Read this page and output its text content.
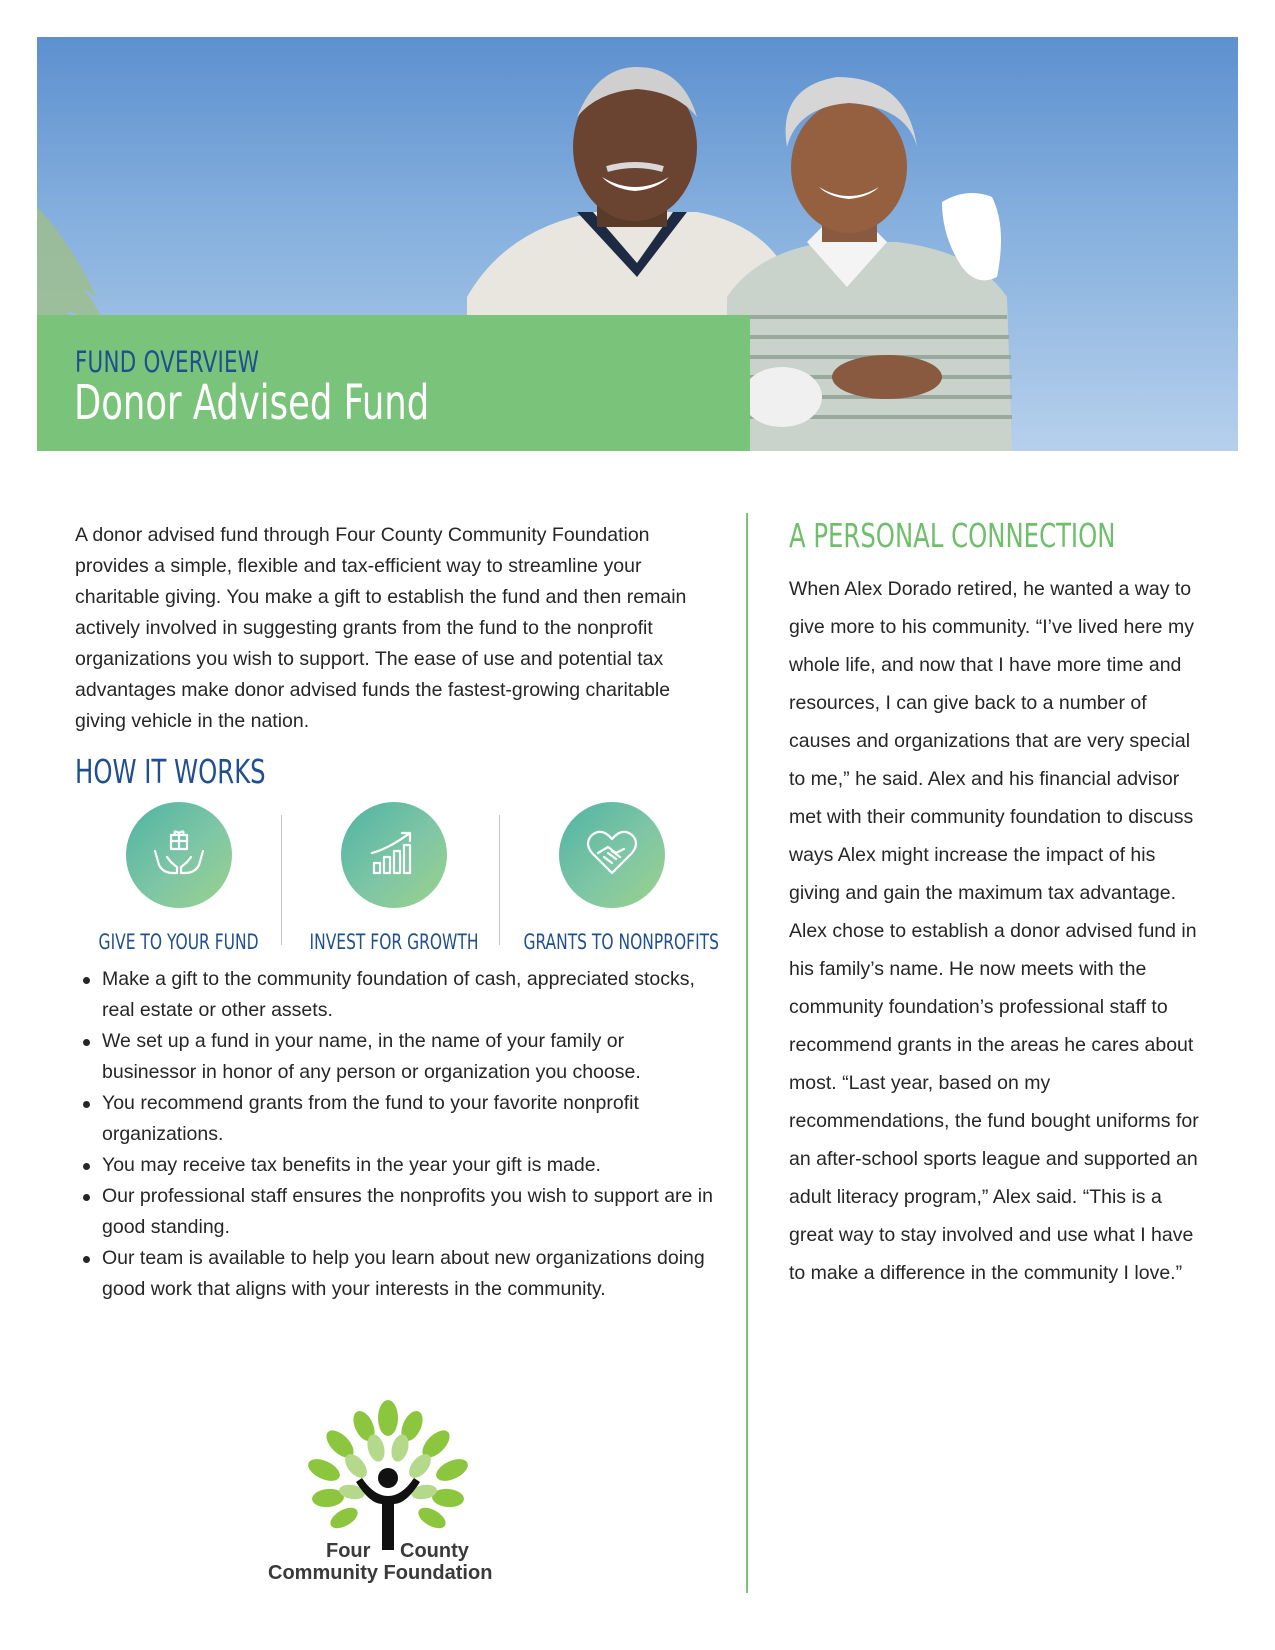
FUND OVERVIEW
Donor Advised Fund

A donor advised fund through Four County Community Foundation provides a simple, flexible and tax-efficient way to streamline your charitable giving. You make a gift to establish the fund and then remain actively involved in suggesting grants from the fund to the nonprofit organizations you wish to support. The ease of use and potential tax advantages make donor advised funds the fastest-growing charitable giving vehicle in the nation.

HOW IT WORKS
GIVE TO YOUR FUND	INVEST FOR GROWTH	GRANTS TO NONPROFITS
Make a gift to the community foundation of cash, appreciated stocks, real estate or other assets.
We set up a fund in your name, in the name of your family or businessor in honor of any person or organization you choose.
You recommend grants from the fund to your favorite nonprofit organizations.
You may receive tax benefits in the year your gift is made.
Our professional staff ensures the nonprofits you wish to support are in good standing.
Our team is available to help you learn about new organizations doing good work that aligns with your interests in the community.
A PERSONAL CONNECTION

When Alex Dorado retired, he wanted a way to give more to his community. “I’ve lived here my whole life, and now that I have more time and resources, I can give back to a number of causes and organizations that are very special to me,” he said. Alex and his financial advisor met with their community foundation to discuss ways Alex might increase the impact of his giving and gain the maximum tax advantage. Alex chose to establish a donor advised fund in his family’s name. He now meets with the community foundation’s professional staff to recommend grants in the areas he cares about most. “Last year, based on my recommendations, the fund bought uniforms for an after-school sports league and supported an adult literacy program,” Alex said. “This is a great way to stay involved and use what I have to make a difference in the community I love.”

Four County
Community Foundation
